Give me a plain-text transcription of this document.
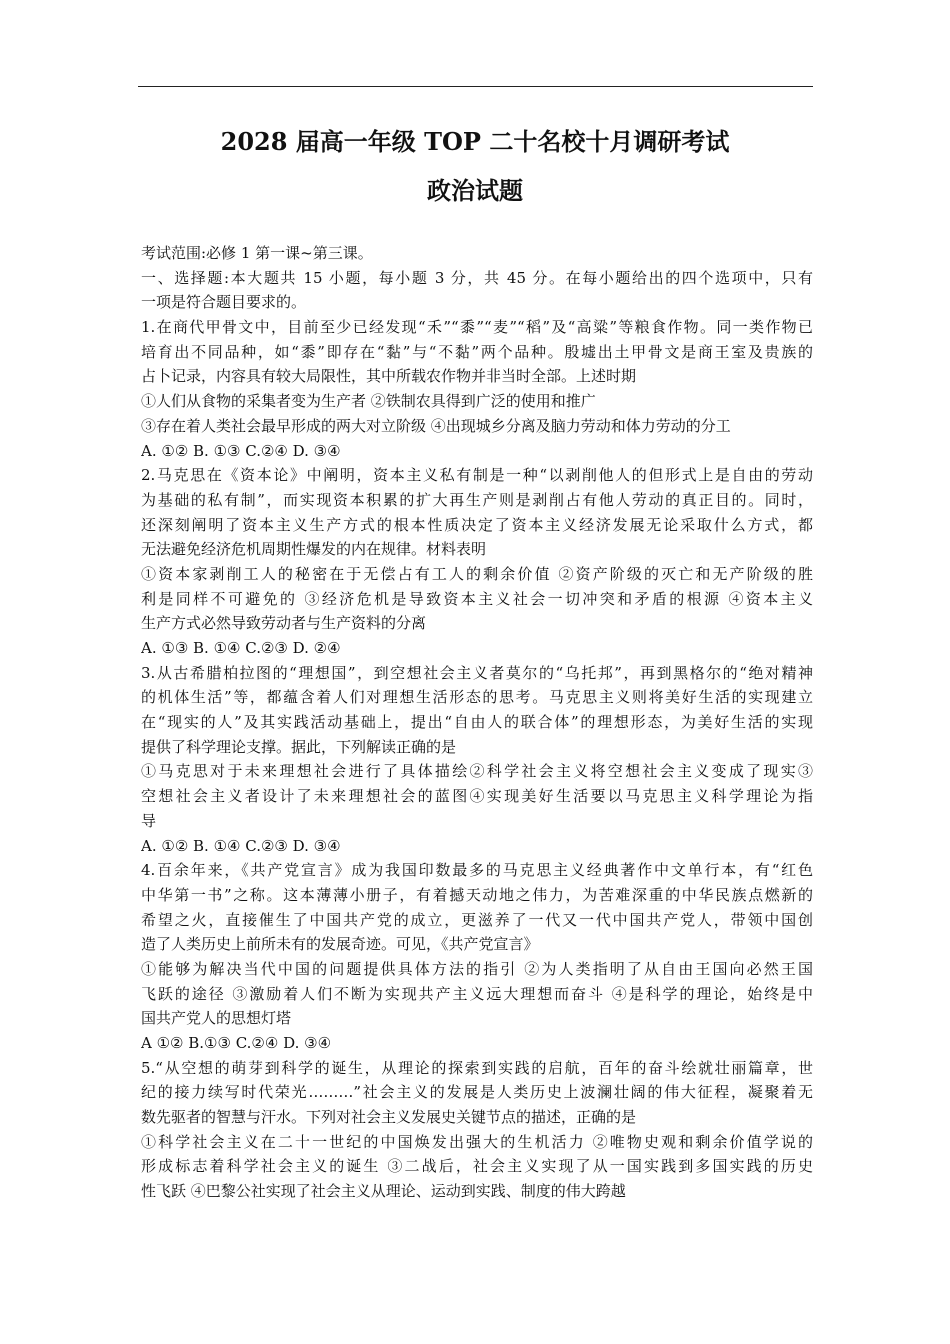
2028 届高一年级 TOP 二十名校十月调研考试
政治试题
考试范围:必修 1 第一课~第三课。
一、选择题:本大题共 15 小题，每小题 3 分，共 45 分。在每小题给出的四个选项中，只有
一项是符合题目要求的。
1.在商代甲骨文中，目前至少已经发现“禾”“黍”“麦”“稻”及“高粱”等粮食作物。同一类作物已
培育出不同品种，如“黍”即存在“黏”与“不黏”两个品种。殷墟出土甲骨文是商王室及贵族的
占卜记录，内容具有较大局限性，其中所载农作物并非当时全部。上述时期
①人们从食物的采集者变为生产者 ②铁制农具得到广泛的使用和推广
③存在着人类社会最早形成的两大对立阶级 ④出现城乡分离及脑力劳动和体力劳动的分工
A. ①② B. ①③ C.②④ D. ③④
2.马克思在《资本论》中阐明，资本主义私有制是一种“以剥削他人的但形式上是自由的劳动
为基础的私有制”，而实现资本积累的扩大再生产则是剥削占有他人劳动的真正目的。同时，
还深刻阐明了资本主义生产方式的根本性质决定了资本主义经济发展无论采取什么方式，都
无法避免经济危机周期性爆发的内在规律。材料表明
①资本家剥削工人的秘密在于无偿占有工人的剩余价值 ②资产阶级的灭亡和无产阶级的胜
利是同样不可避免的 ③经济危机是导致资本主义社会一切冲突和矛盾的根源 ④资本主义
生产方式必然导致劳动者与生产资料的分离
A. ①③ B. ①④ C.②③ D. ②④
3.从古希腊柏拉图的“理想国”，到空想社会主义者莫尔的“乌托邦”，再到黑格尔的“绝对精神
的机体生活”等，都蕴含着人们对理想生活形态的思考。马克思主义则将美好生活的实现建立
在“现实的人”及其实践活动基础上，提出“自由人的联合体”的理想形态，为美好生活的实现
提供了科学理论支撑。据此，下列解读正确的是
①马克思对于未来理想社会进行了具体描绘②科学社会主义将空想社会主义变成了现实③
空想社会主义者设计了未来理想社会的蓝图④实现美好生活要以马克思主义科学理论为指
导
A. ①② B. ①④ C.②③ D. ③④
4.百余年来，《共产党宣言》成为我国印数最多的马克思主义经典著作中文单行本，有“红色
中华第一书”之称。这本薄薄小册子，有着撼天动地之伟力，为苦难深重的中华民族点燃新的
希望之火，直接催生了中国共产党的成立，更滋养了一代又一代中国共产党人，带领中国创
造了人类历史上前所未有的发展奇迹。可见，《共产党宣言》
①能够为解决当代中国的问题提供具体方法的指引 ②为人类指明了从自由王国向必然王国
飞跃的途径 ③激励着人们不断为实现共产主义远大理想而奋斗 ④是科学的理论，始终是中
国共产党人的思想灯塔
A ①② B.①③ C.②④ D. ③④
5.“从空想的萌芽到科学的诞生，从理论的探索到实践的启航，百年的奋斗绘就壮丽篇章，世
纪的接力续写时代荣光………”社会主义的发展是人类历史上波澜壮阔的伟大征程，凝聚着无
数先驱者的智慧与汗水。下列对社会主义发展史关键节点的描述，正确的是
①科学社会主义在二十一世纪的中国焕发出强大的生机活力 ②唯物史观和剩余价值学说的
形成标志着科学社会主义的诞生 ③二战后，社会主义实现了从一国实践到多国实践的历史
性飞跃 ④巴黎公社实现了社会主义从理论、运动到实践、制度的伟大跨越
